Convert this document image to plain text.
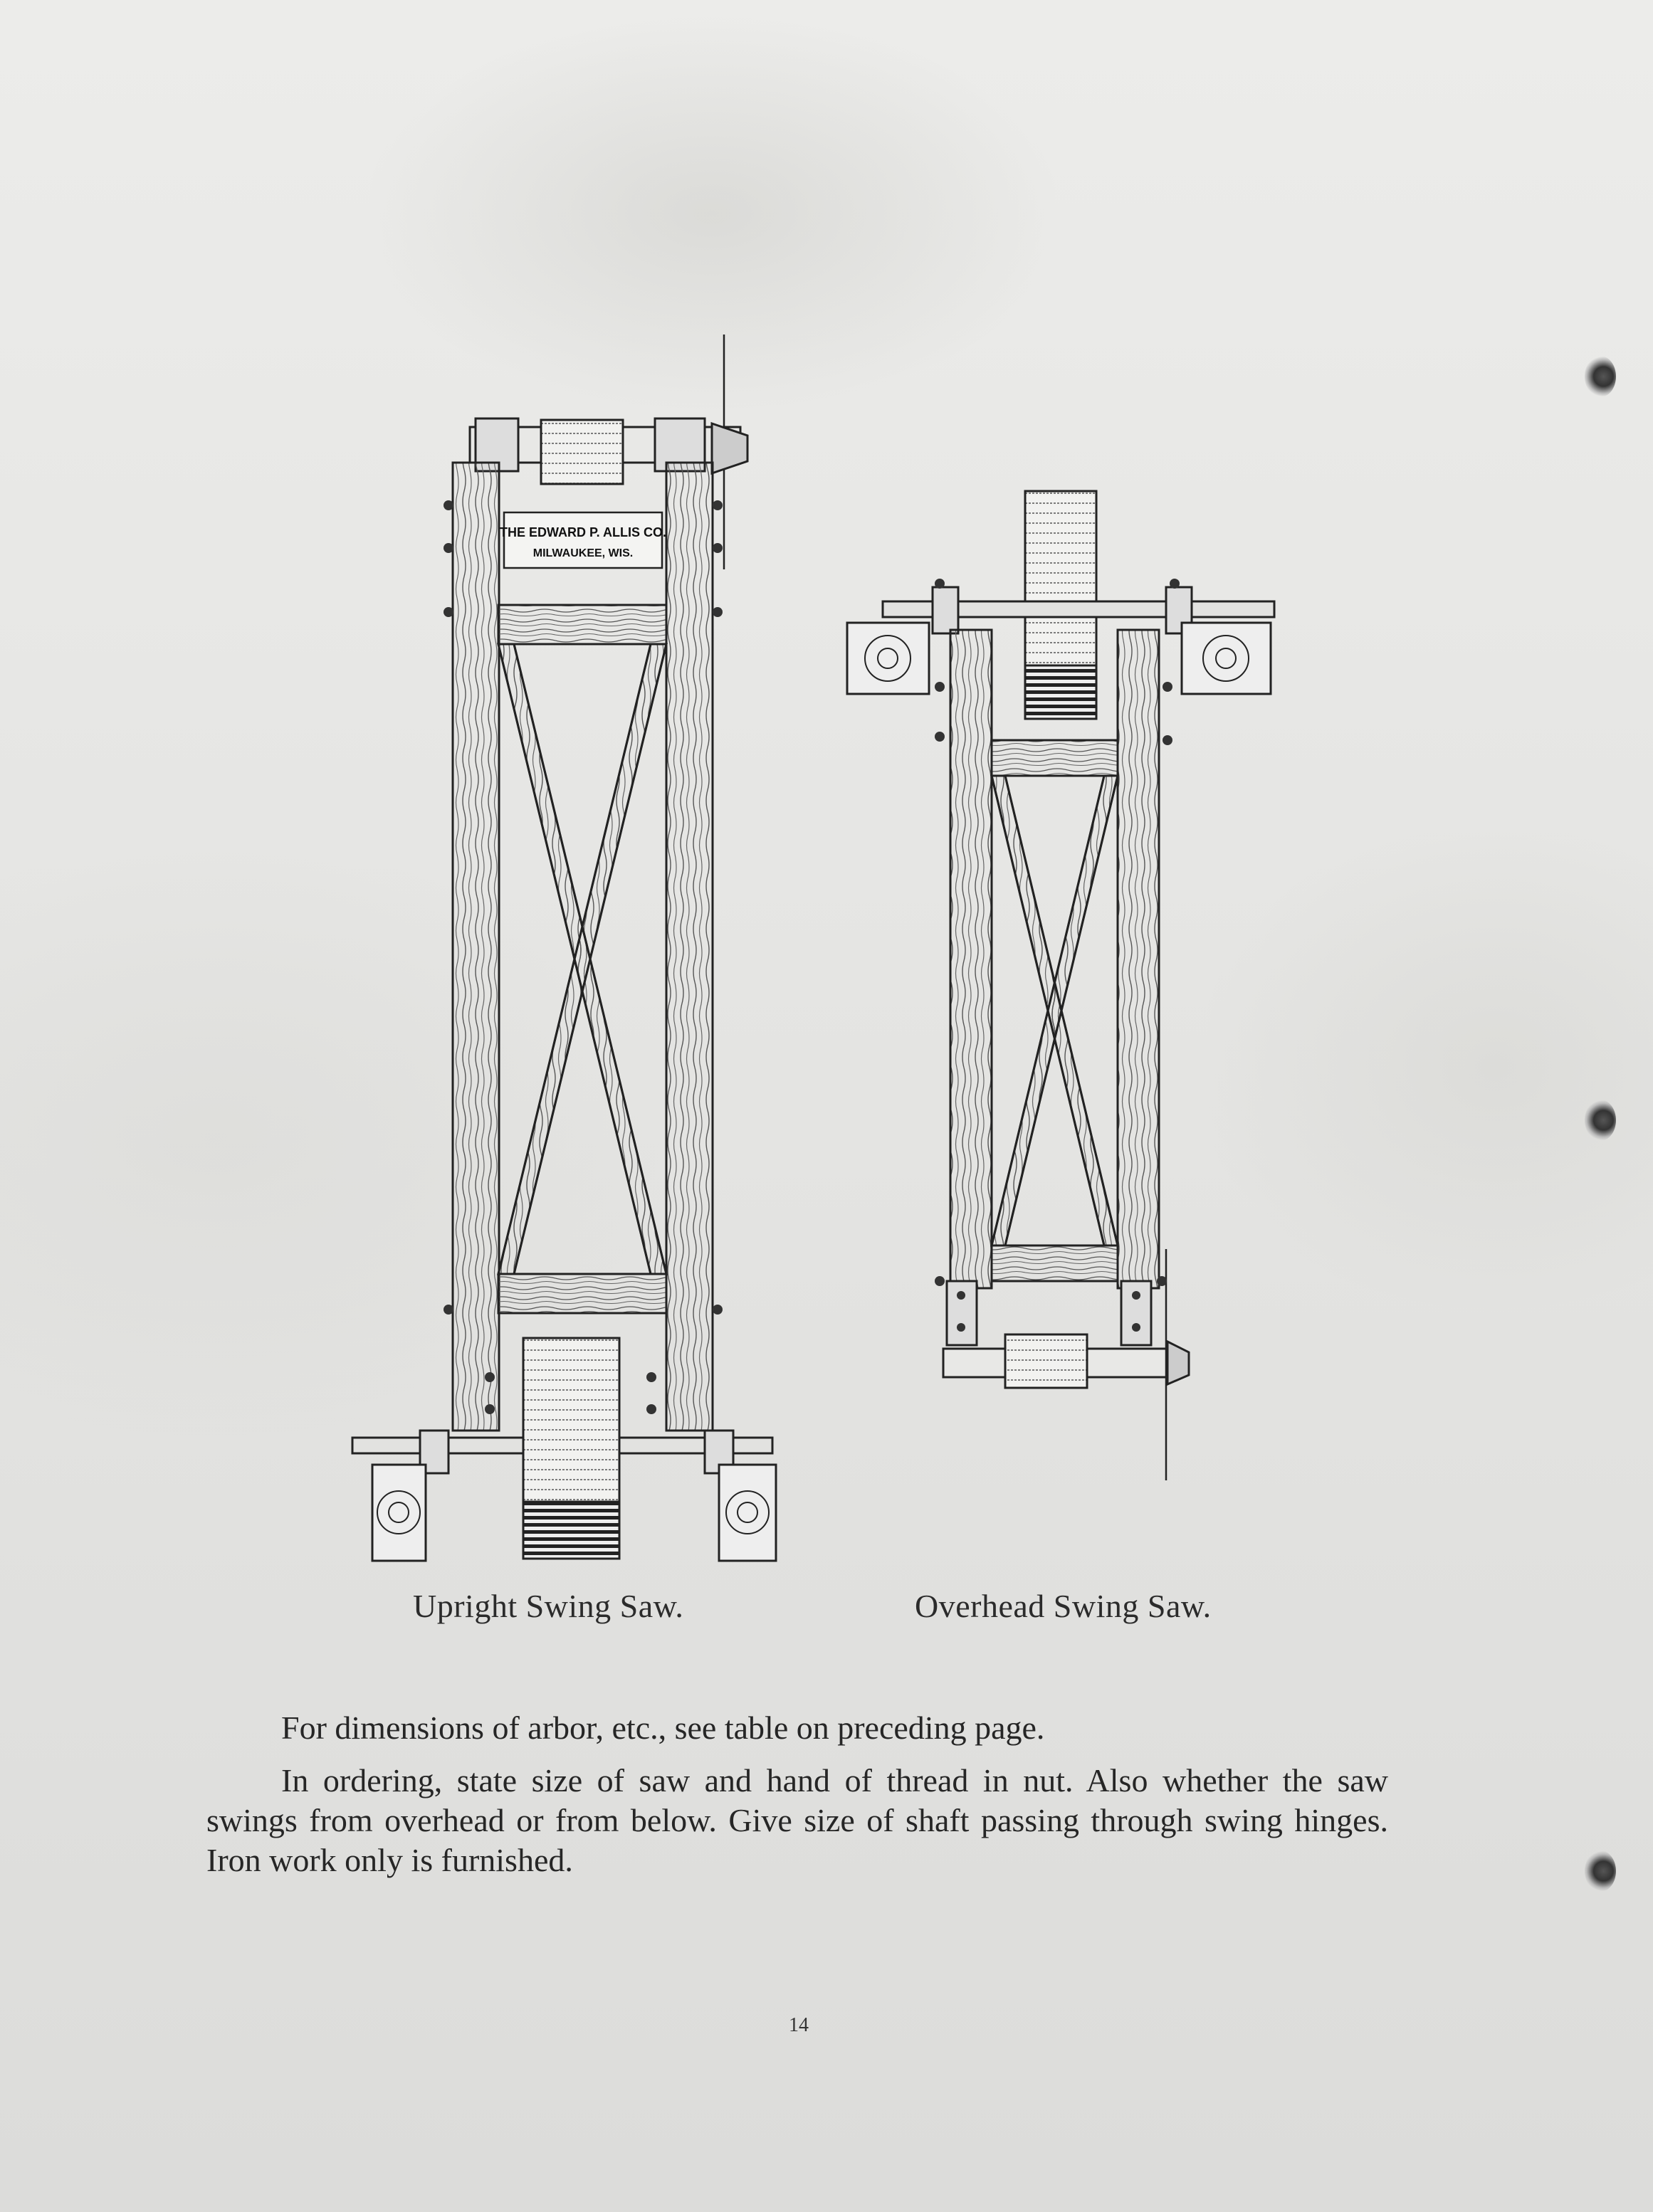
THE EDWARD P. ALLIS CO.
MILWAUKEE, WIS.
Upright Swing Saw.	Overhead Swing Saw.

For dimensions of arbor, etc., see table on preceding page.

In ordering, state size of saw and hand of thread in nut. Also whether the saw swings from overhead or from below. Give size of shaft passing through swing hinges. Iron work only is furnished.

14
